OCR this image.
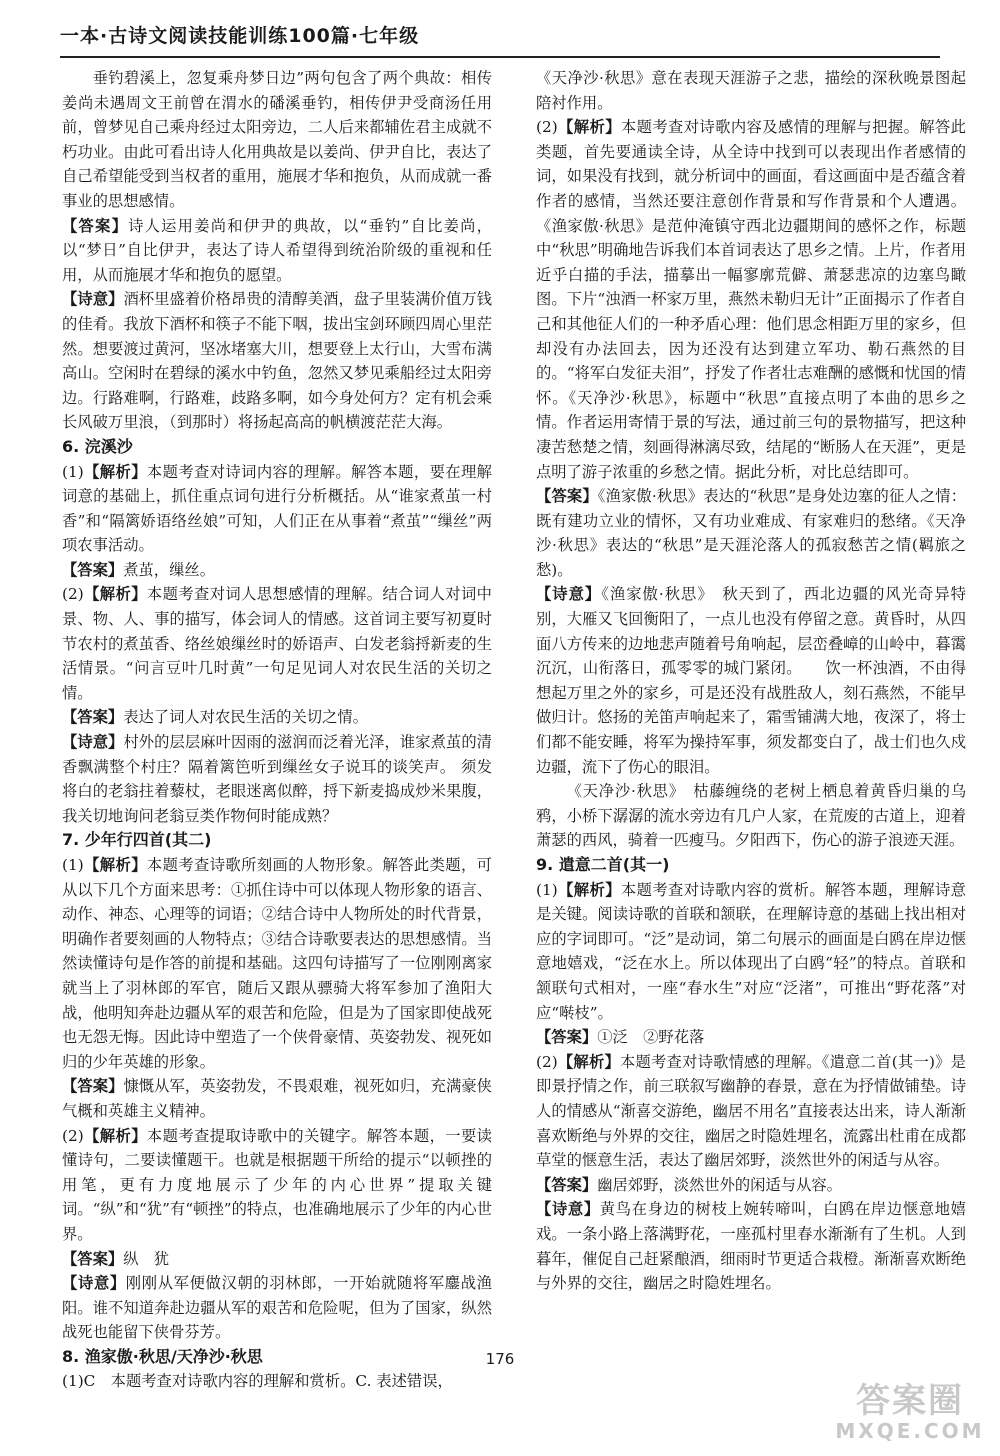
一本·古诗文阅读技能训练100篇·七年级

垂钓碧溪上，忽复乘舟梦日边”两句包含了两个典故：相传姜尚未遇周文王前曾在渭水的磻溪垂钓，相传伊尹受商汤任用前，曾梦见自己乘舟经过太阳旁边，二人后来都辅佐君主成就不朽功业。由此可看出诗人化用典故是以姜尚、伊尹自比，表达了自己希望能受到当权者的重用，施展才华和抱负，从而成就一番事业的思想感情。

【答案】诗人运用姜尚和伊尹的典故，以“垂钓”自比姜尚，以“梦日”自比伊尹，表达了诗人希望得到统治阶级的重视和任用，从而施展才华和抱负的愿望。

【诗意】酒杯里盛着价格昂贵的清醇美酒，盘子里装满价值万钱的佳肴。我放下酒杯和筷子不能下咽，拔出宝剑环顾四周心里茫然。想要渡过黄河，坚冰堵塞大川，想要登上太行山，大雪布满高山。空闲时在碧绿的溪水中钓鱼，忽然又梦见乘船经过太阳旁边。行路难啊，行路难，歧路多啊，如今身处何方？定有机会乘长风破万里浪，（到那时）将扬起高高的帆横渡茫茫大海。

6. 浣溪沙

(1)【解析】本题考查对诗词内容的理解。解答本题，要在理解词意的基础上，抓住重点词句进行分析概括。从“谁家煮茧一村香”和“隔篱娇语络丝娘”可知，人们正在从事着“煮茧”“缫丝”两项农事活动。

【答案】煮茧，缫丝。

(2)【解析】本题考查对词人思想感情的理解。结合词人对词中景、物、人、事的描写，体会词人的情感。这首词主要写初夏时节农村的煮茧香、络丝娘缫丝时的娇语声、白发老翁捋新麦的生活情景。“问言豆叶几时黄”一句足见词人对农民生活的关切之情。

【答案】表达了词人对农民生活的关切之情。

【诗意】村外的层层麻叶因雨的滋润而泛着光泽，谁家煮茧的清香飘满整个村庄？隔着篱笆听到缫丝女子说耳的谈笑声。 须发将白的老翁拄着藜杖，老眼迷离似醉，捋下新麦捣成炒米果腹，我关切地询问老翁豆类作物何时能成熟？

7. 少年行四首(其二)

(1)【解析】本题考查诗歌所刻画的人物形象。解答此类题，可从以下几个方面来思考：①抓住诗中可以体现人物形象的语言、动作、神态、心理等的词语；②结合诗中人物所处的时代背景，明确作者要刻画的人物特点；③结合诗歌要表达的思想感情。当然读懂诗句是作答的前提和基础。这四句诗描写了一位刚刚离家就当上了羽林郎的军官，随后又跟从骠骑大将军参加了渔阳大战，他明知奔赴边疆从军的艰苦和危险，但是为了国家即使战死也无怨无悔。因此诗中塑造了一个侠骨豪情、英姿勃发、视死如归的少年英雄的形象。

【答案】慷慨从军，英姿勃发，不畏艰难，视死如归，充满豪侠气概和英雄主义精神。

(2)【解析】本题考查提取诗歌中的关键字。解答本题，一要读懂诗句，二要读懂题干。也就是根据题干所给的提示“以顿挫的用笔，更有力度地展示了少年的内心世界”提取关键词。“纵”和“犹”有“顿挫”的特点，也准确地展示了少年的内心世界。

【答案】纵　犹

【诗意】刚刚从军便做汉朝的羽林郎，一开始就随将军鏖战渔阳。谁不知道奔赴边疆从军的艰苦和危险呢，但为了国家，纵然战死也能留下侠骨芬芳。

8. 渔家傲·秋思/天净沙·秋思

(1)C　本题考查对诗歌内容的理解和赏析。C. 表述错误，

《天净沙·秋思》意在表现天涯游子之悲，描绘的深秋晚景图起陪衬作用。

(2)【解析】本题考查对诗歌内容及感情的理解与把握。解答此类题，首先要通读全诗，从全诗中找到可以表现出作者感情的词，如果没有找到，就分析词中的画面，看这画面中是否蕴含着作者的感情，当然还要注意创作背景和写作背景和个人遭遇。《渔家傲·秋思》是范仲淹镇守西北边疆期间的感怀之作，标题中“秋思”明确地告诉我们本首词表达了思乡之情。上片，作者用近乎白描的手法，描摹出一幅寥廓荒僻、萧瑟悲凉的边塞鸟瞰图。下片“浊酒一杯家万里，燕然未勒归无计”正面揭示了作者自己和其他征人们的一种矛盾心理：他们思念相距万里的家乡，但却没有办法回去，因为还没有达到建立军功、勒石燕然的目的。“将军白发征夫泪”，抒发了作者壮志难酬的感慨和忧国的情怀。《天净沙·秋思》，标题中“秋思”直接点明了本曲的思乡之情。作者运用寄情于景的写法，通过前三句的景物描写，把这种凄苦愁楚之情，刻画得淋漓尽致，结尾的“断肠人在天涯”，更是点明了游子浓重的乡愁之情。据此分析，对比总结即可。

【答案】《渔家傲·秋思》表达的“秋思”是身处边塞的征人之情：既有建功立业的情怀，又有功业难成、有家难归的愁绪。《天净沙·秋思》表达的“秋思”是天涯沦落人的孤寂愁苦之情(羁旅之愁)。

【诗意】《渔家傲·秋思》　秋天到了，西北边疆的风光奇异特别，大雁又飞回衡阳了，一点儿也没有停留之意。黄昏时，从四面八方传来的边地悲声随着号角响起，层峦叠嶂的山岭中，暮霭沉沉，山衔落日，孤零零的城门紧闭。　　饮一杯浊酒，不由得想起万里之外的家乡，可是还没有战胜敌人，刻石燕然，不能早做归计。悠扬的羌笛声响起来了，霜雪铺满大地，夜深了，将士们都不能安睡，将军为操持军事，须发都变白了，战士们也久戍边疆，流下了伤心的眼泪。

《天净沙·秋思》　枯藤缠绕的老树上栖息着黄昏归巢的乌鸦，小桥下潺潺的流水旁边有几户人家，在荒废的古道上，迎着萧瑟的西风，骑着一匹瘦马。夕阳西下，伤心的游子浪迹天涯。

9. 遣意二首(其一)

(1)【解析】本题考查对诗歌内容的赏析。解答本题，理解诗意是关键。阅读诗歌的首联和颔联，在理解诗意的基础上找出相对应的字词即可。“泛”是动词，第二句展示的画面是白鸥在岸边惬意地嬉戏，“泛在水上。所以体现出了白鸥“轻”的特点。首联和颔联句式相对，一座“春水生”对应“泛渚”，可推出“野花落”对应“啭枝”。

【答案】①泛　②野花落

(2)【解析】本题考查对诗歌情感的理解。《遣意二首(其一)》是即景抒情之作，前三联叙写幽静的春景，意在为抒情做铺垫。诗人的情感从“渐喜交游绝，幽居不用名”直接表达出来，诗人渐渐喜欢断绝与外界的交往，幽居之时隐姓埋名，流露出杜甫在成都草堂的惬意生活，表达了幽居郊野，淡然世外的闲适与从容。

【答案】幽居郊野，淡然世外的闲适与从容。

【诗意】黄鸟在身边的树枝上婉转啼叫，白鸥在岸边惬意地嬉戏。一条小路上落满野花，一座孤村里春水渐渐有了生机。人到暮年，催促自己赶紧酿酒，细雨时节更适合栽橙。渐渐喜欢断绝与外界的交往，幽居之时隐姓埋名。

176
答案圈
MXQE.COM
